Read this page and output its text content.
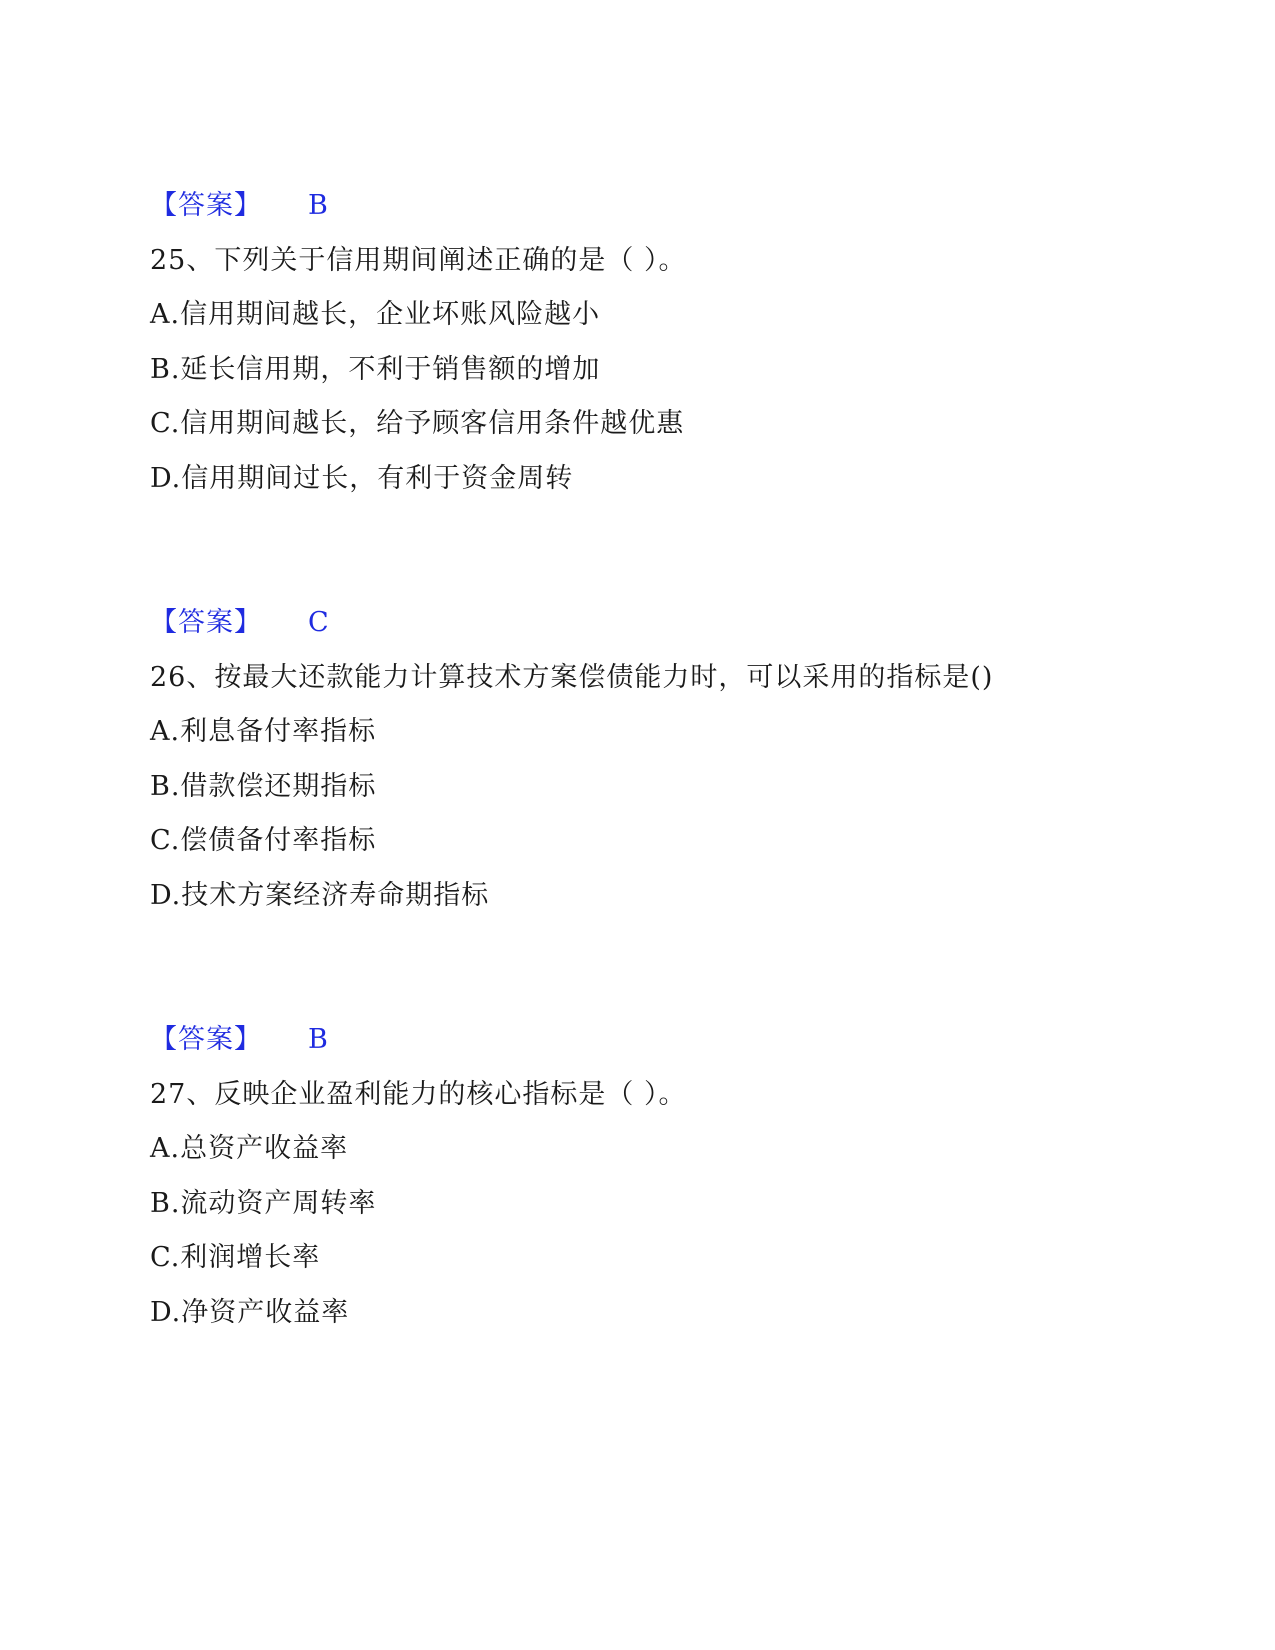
【答案】 B
25、下列关于信用期间阐述正确的是（ ）。
A.信用期间越长，企业坏账风险越小
B.延长信用期，不利于销售额的增加
C.信用期间越长，给予顾客信用条件越优惠
D.信用期间过长，有利于资金周转
【答案】 C
26、按最大还款能力计算技术方案偿债能力时，可以采用的指标是()
A.利息备付率指标
B.借款偿还期指标
C.偿债备付率指标
D.技术方案经济寿命期指标
【答案】 B
27、反映企业盈利能力的核心指标是（ ）。
A.总资产收益率
B.流动资产周转率
C.利润增长率
D.净资产收益率
